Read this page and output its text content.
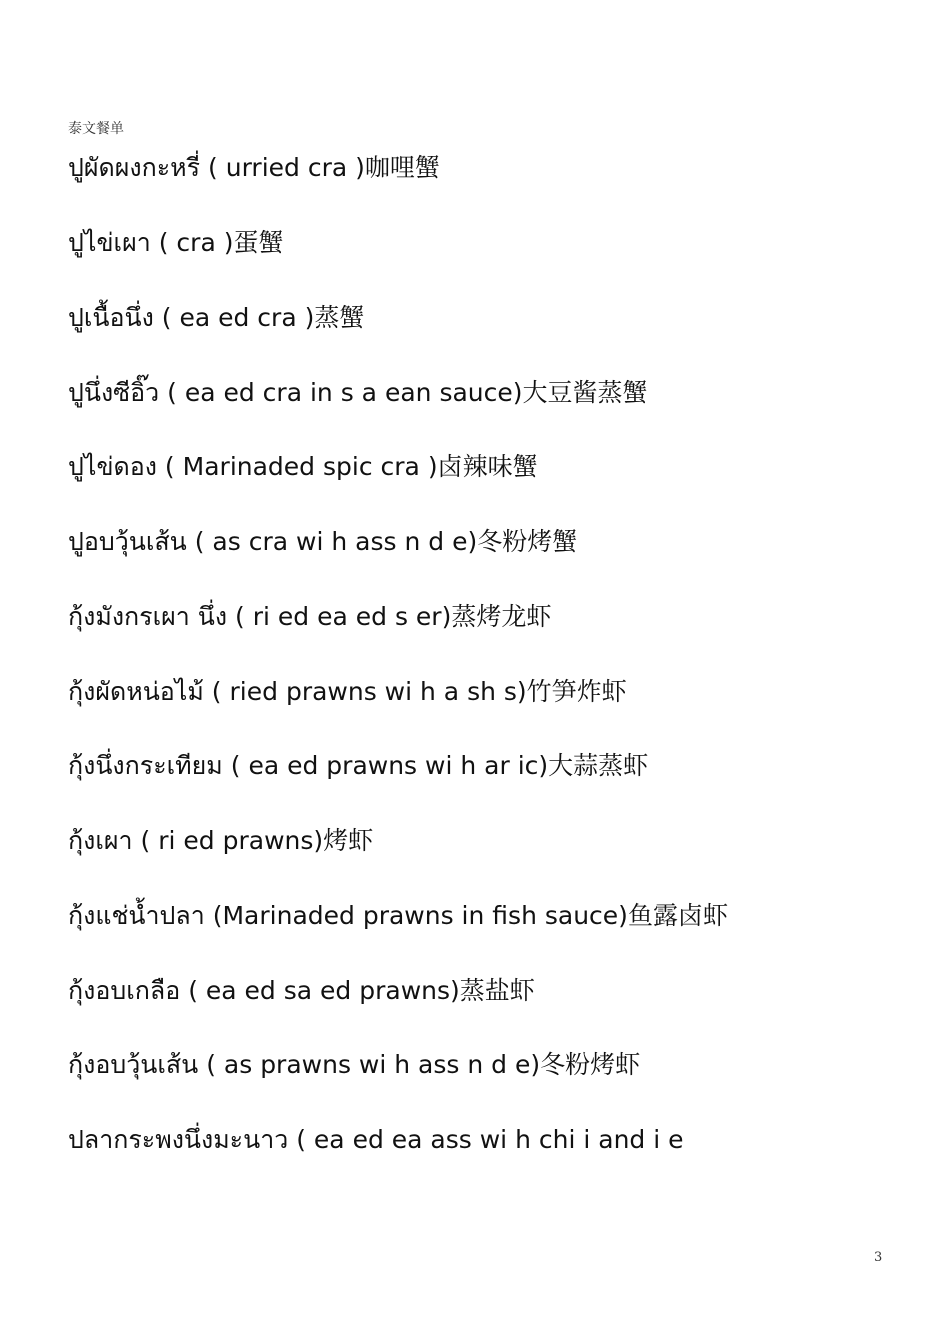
泰文餐单
ปูผัดผงกะหรี่ ( urried cra )咖哩蟹
ปูไข่เผา ( cra )蛋蟹
ปูเนื้อนึ่ง ( ea ed cra )蒸蟹
ปูนึ่งซีอิ๊ว ( ea ed cra in s a ean sauce)大豆酱蒸蟹
ปูไข่ดอง ( Marinaded spic cra )卤辣味蟹
ปูอบวุ้นเส้น ( as cra wi h ass n d e)冬粉烤蟹
กุ้งมังกรเผา นึ่ง ( ri ed ea ed s er)蒸烤龙虾
กุ้งผัดหน่อไม้ ( ried prawns wi h a sh s)竹笋炸虾
กุ้งนึ่งกระเทียม ( ea ed prawns wi h ar ic)大蒜蒸虾
กุ้งเผา ( ri ed prawns)烤虾
กุ้งแช่น้ำปลา (Marinaded prawns in fish sauce)鱼露卤虾
กุ้งอบเกลือ ( ea ed sa ed prawns)蒸盐虾
กุ้งอบวุ้นเส้น ( as prawns wi h ass n d e)冬粉烤虾
ปลากระพงนึ่งมะนาว ( ea ed ea ass wi h chi i and i e
3
